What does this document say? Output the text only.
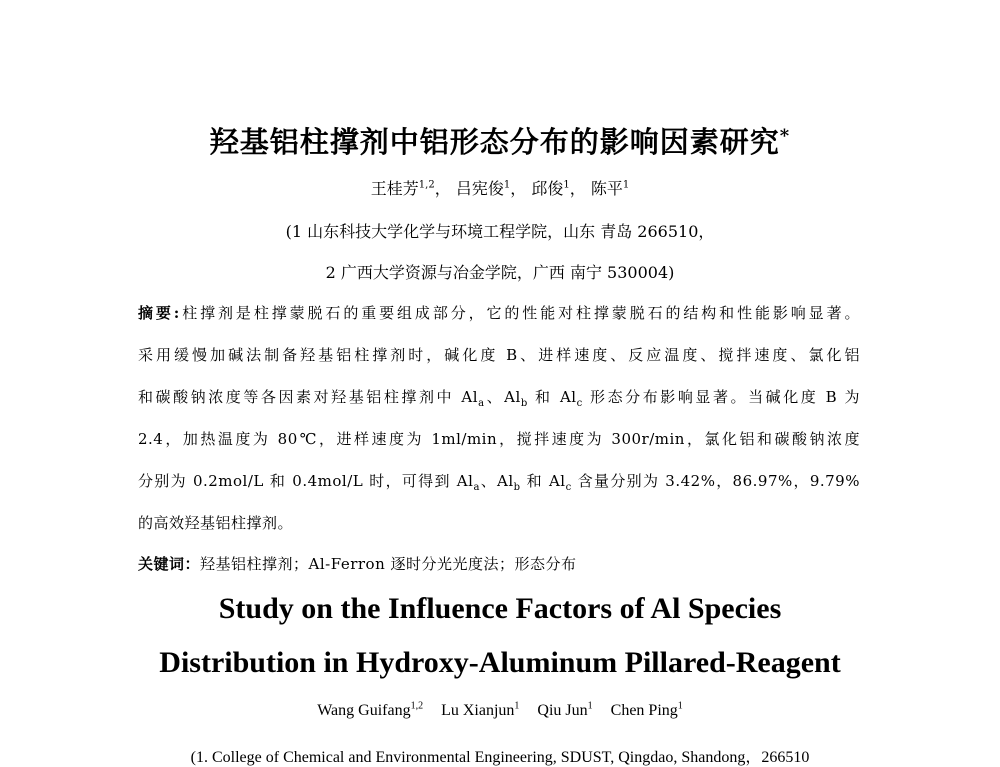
羟基铝柱撑剂中铝形态分布的影响因素研究*
王桂芳$^{1,2}$， 吕宪俊$^1$， 邱俊$^1$， 陈平$^1$
(1 山东科技大学化学与环境工程学院，山东 青岛 266510，
2 广西大学资源与冶金学院，广西 南宁 530004)
摘要:柱撑剂是柱撑蒙脱石的重要组成部分，它的性能对柱撑蒙脱石的结构和性能影响显著。
采用缓慢加碱法制备羟基铝柱撑剂时，碱化度 B、进样速度、反应温度、搅拌速度、氯化铝
和碳酸钠浓度等各因素对羟基铝柱撑剂中 $Al_a$、$Al_b$ 和 $Al_c$ 形态分布影响显著。当碱化度 B 为
2.4，加热温度为 80℃，进样速度为 1ml/min，搅拌速度为 300r/min，氯化铝和碳酸钠浓度
分别为 0.2mol/L 和 0.4mol/L 时，可得到 $Al_a$、$Al_b$ 和 $Al_c$ 含量分别为 3.42%，86.97%，9.79%
的高效羟基铝柱撑剂。
关键词：羟基铝柱撑剂；Al-Ferron 逐时分光光度法；形态分布
Study on the Influence Factors of Al Species
Distribution in Hydroxy-Aluminum Pillared-Reagent
Wang Guifang$^{1,2}$ Lu Xianjun$^1$ Qiu Jun$^1$ Chen Ping$^1$
(1. College of Chemical and Environmental Engineering, SDUST, Qingdao, Shandong，266510
